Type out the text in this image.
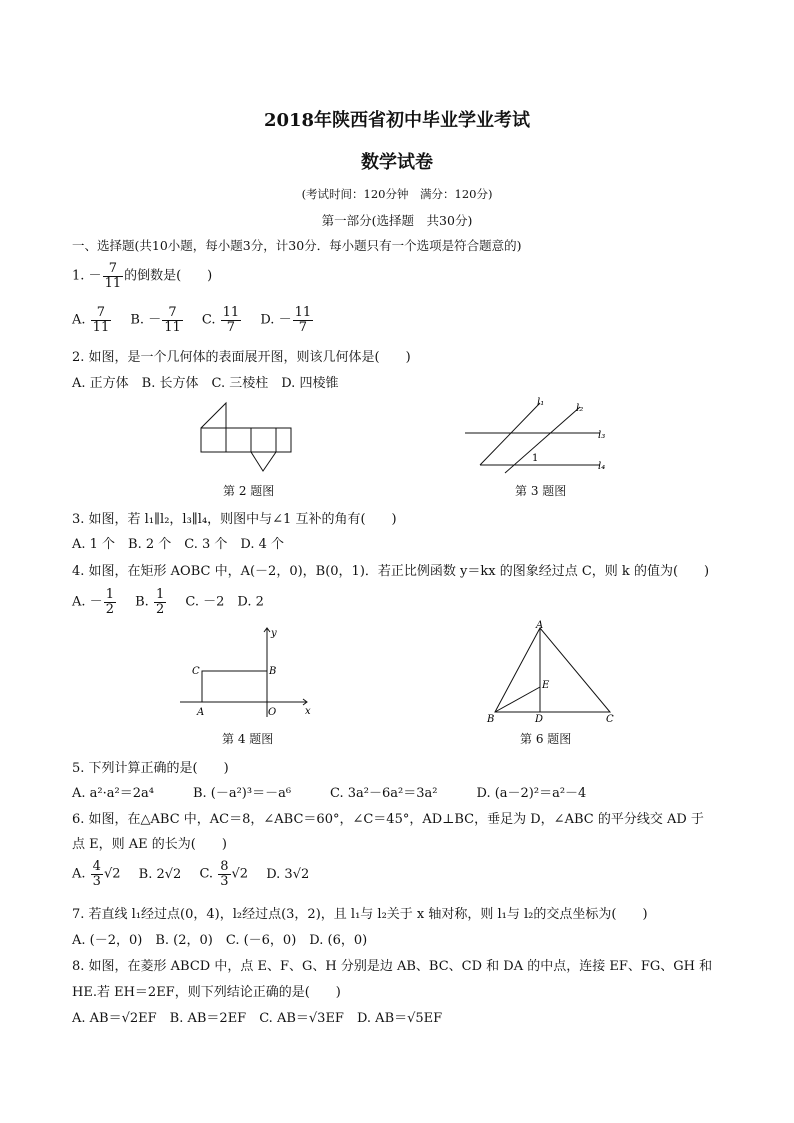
2018年陕西省初中毕业学业考试
数学试卷
(考试时间：120分钟　满分：120分)
第一部分(选择题　共30分)
一、选择题(共10小题，每小题3分，计30分．每小题只有一个选项是符合题意的)
1. － $\frac{7}{11}$ 的倒数是(　　)
A. $\frac{7}{11} B$. － $\frac{7}{11} C$. $\frac{11}{7} D$. － $\frac{11}{7}$
2. 如图，是一个几何体的表面展开图，则该几何体是(　　)
A. 正方体　B. 长方体　C. 三棱柱　D. 四棱锥
第 2 题图
l₁
l₂
l₃
l₄
1
第 3 题图
3. 如图，若 l₁∥l₂，l₃∥l₄，则图中与∠1 互补的角有(　　)
A. 1 个　B. 2 个　C. 3 个　D. 4 个
4. 如图，在矩形 AOBC 中，A(－2，0)，B(0，1)．若正比例函数 y＝kx 的图象经过点 C，则 k 的值为(　　)
A. － $\frac{1}{2} B$. $\frac{1}{2} C$. －2　D. 2
y
x
C	B
A	O
第 4 题图
A
B	C
D
E
第 6 题图
5. 下列计算正确的是(　　)
A. a²·a²＝2a⁴　　　B. (－a²)³＝－a⁶　　　C. 3a²－6a²＝3a²　　　D. (a－2)²＝a²－4
6. 如图，在△ABC 中，AC＝8，∠ABC＝60°，∠C＝45°，AD⊥BC，垂足为 D，∠ABC 的平分线交 AD 于
点 E，则 AE 的长为(　　)
A. $\frac{4}{3} √2$ B. 2√2 C. $\frac{8}{3} √2$ D. 3√2
7. 若直线 l₁经过点(0，4)，l₂经过点(3，2)，且 l₁与 l₂关于 x 轴对称，则 l₁与 l₂的交点坐标为(　　)
A. (－2，0)　B. (2，0)　C. (－6，0)　D. (6，0)
8. 如图，在菱形 ABCD 中，点 E、F、G、H 分别是边 AB、BC、CD 和 DA 的中点，连接 EF、FG、GH 和
HE.若 EH＝2EF，则下列结论正确的是(　　)
A. AB＝√2EF　B. AB＝2EF　C. AB＝√3EF　D. AB＝√5EF
